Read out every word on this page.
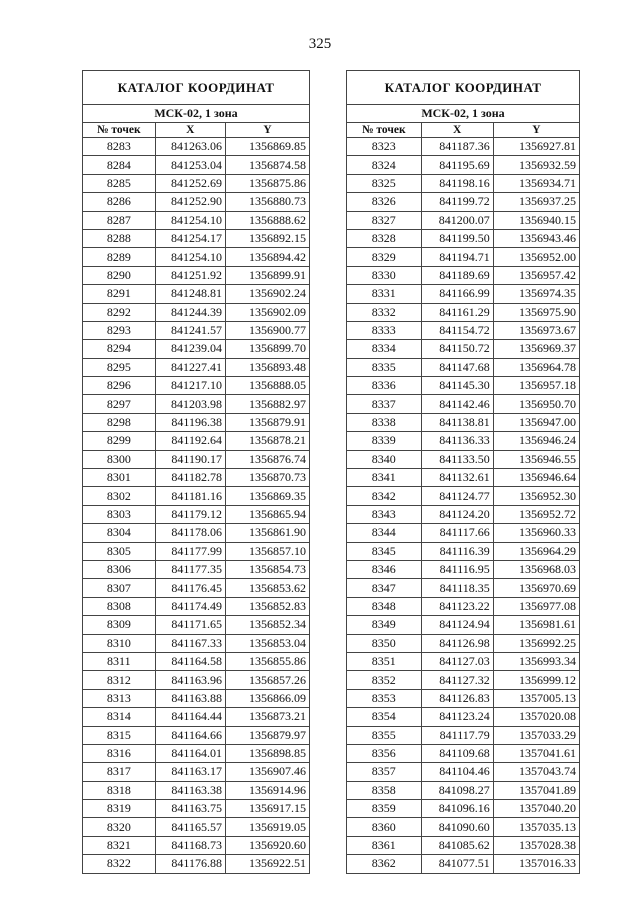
325
КАТАЛОГ КООРДИНАТ		
МСК-02, 1 зона		
№ точек	X	Y
8283	841263.06	1356869.85
8284	841253.04	1356874.58
8285	841252.69	1356875.86
8286	841252.90	1356880.73
8287	841254.10	1356888.62
8288	841254.17	1356892.15
8289	841254.10	1356894.42
8290	841251.92	1356899.91
8291	841248.81	1356902.24
8292	841244.39	1356902.09
8293	841241.57	1356900.77
8294	841239.04	1356899.70
8295	841227.41	1356893.48
8296	841217.10	1356888.05
8297	841203.98	1356882.97
8298	841196.38	1356879.91
8299	841192.64	1356878.21
8300	841190.17	1356876.74
8301	841182.78	1356870.73
8302	841181.16	1356869.35
8303	841179.12	1356865.94
8304	841178.06	1356861.90
8305	841177.99	1356857.10
8306	841177.35	1356854.73
8307	841176.45	1356853.62
8308	841174.49	1356852.83
8309	841171.65	1356852.34
8310	841167.33	1356853.04
8311	841164.58	1356855.86
8312	841163.96	1356857.26
8313	841163.88	1356866.09
8314	841164.44	1356873.21
8315	841164.66	1356879.97
8316	841164.01	1356898.85
8317	841163.17	1356907.46
8318	841163.38	1356914.96
8319	841163.75	1356917.15
8320	841165.57	1356919.05
8321	841168.73	1356920.60
8322	841176.88	1356922.51
КАТАЛОГ КООРДИНАТ		
МСК-02, 1 зона		
№ точек	X	Y
8323	841187.36	1356927.81
8324	841195.69	1356932.59
8325	841198.16	1356934.71
8326	841199.72	1356937.25
8327	841200.07	1356940.15
8328	841199.50	1356943.46
8329	841194.71	1356952.00
8330	841189.69	1356957.42
8331	841166.99	1356974.35
8332	841161.29	1356975.90
8333	841154.72	1356973.67
8334	841150.72	1356969.37
8335	841147.68	1356964.78
8336	841145.30	1356957.18
8337	841142.46	1356950.70
8338	841138.81	1356947.00
8339	841136.33	1356946.24
8340	841133.50	1356946.55
8341	841132.61	1356946.64
8342	841124.77	1356952.30
8343	841124.20	1356952.72
8344	841117.66	1356960.33
8345	841116.39	1356964.29
8346	841116.95	1356968.03
8347	841118.35	1356970.69
8348	841123.22	1356977.08
8349	841124.94	1356981.61
8350	841126.98	1356992.25
8351	841127.03	1356993.34
8352	841127.32	1356999.12
8353	841126.83	1357005.13
8354	841123.24	1357020.08
8355	841117.79	1357033.29
8356	841109.68	1357041.61
8357	841104.46	1357043.74
8358	841098.27	1357041.89
8359	841096.16	1357040.20
8360	841090.60	1357035.13
8361	841085.62	1357028.38
8362	841077.51	1357016.33
